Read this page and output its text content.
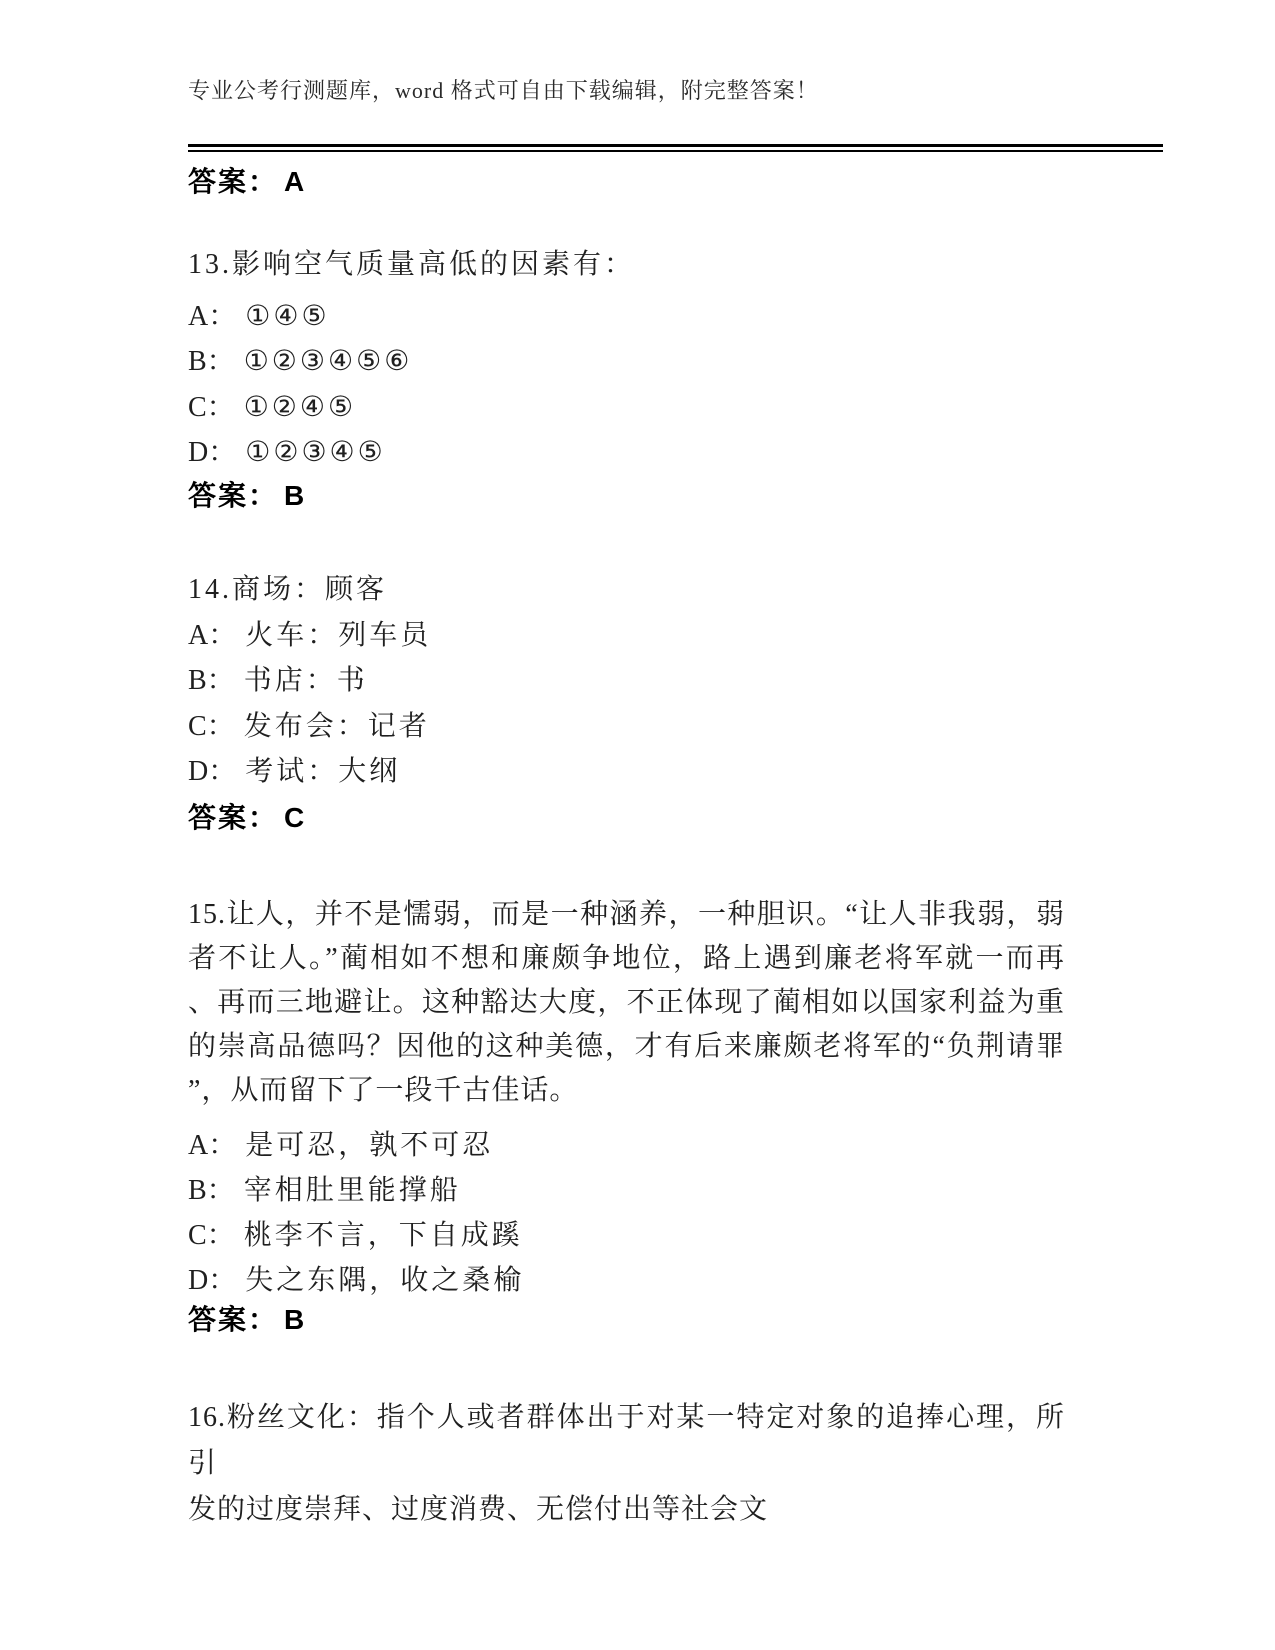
专业公考行测题库，word 格式可自由下载编辑，附完整答案！
答案： A
13.影响空气质量高低的因素有：
A： ①④⑤
B： ①②③④⑤⑥
C： ①②④⑤
D： ①②③④⑤
答案： B
14.商场：顾客
A： 火车：列车员
B： 书店：书
C： 发布会：记者
D： 考试：大纲
答案： C
15.让人，并不是懦弱，而是一种涵养，一种胆识。“让人非我弱，弱
者不让人。”蔺相如不想和廉颇争地位，路上遇到廉老将军就一而再
、再而三地避让。这种豁达大度，不正体现了蔺相如以国家利益为重
的崇高品德吗？因他的这种美德，才有后来廉颇老将军的“负荆请罪
”，从而留下了一段千古佳话。
A： 是可忍，孰不可忍
B： 宰相肚里能撑船
C： 桃李不言，下自成蹊
D： 失之东隅，收之桑榆
答案： B
16.粉丝文化：指个人或者群体出于对某一特定对象的追捧心理，所引
发的过度崇拜、过度消费、无偿付出等社会文
